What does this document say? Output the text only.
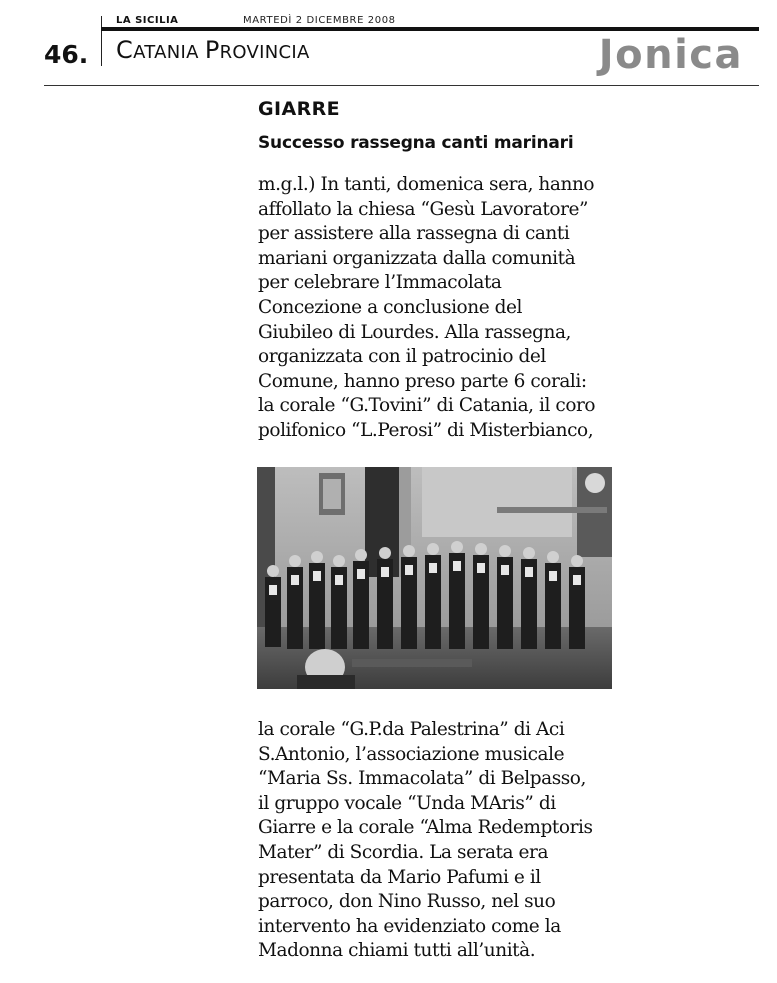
LA SICILIA	MARTEDÌ 2 DICEMBRE 2008
46. CATANIA PROVINCIA	Jonica

GIARRE

Successo rassegna canti marinari

m.g.l.) In tanti, domenica sera, hanno
affollato la chiesa “Gesù Lavoratore”
per assistere alla rassegna di canti
mariani organizzata dalla comunità
per celebrare l’Immacolata
Concezione a conclusione del
Giubileo di Lourdes. Alla rassegna,
organizzata con il patrocinio del
Comune, hanno preso parte 6 corali:
la corale “G.Tovini” di Catania, il coro
polifonico “L.Perosi” di Misterbianco,

la corale “G.P.da Palestrina” di Aci
S.Antonio, l’associazione musicale
“Maria Ss. Immacolata” di Belpasso,
il gruppo vocale “Unda MAris” di
Giarre e la corale “Alma Redemptoris
Mater” di Scordia. La serata era
presentata da Mario Pafumi e il
parroco, don Nino Russo, nel suo
intervento ha evidenziato come la
Madonna chiami tutti all’unità.
